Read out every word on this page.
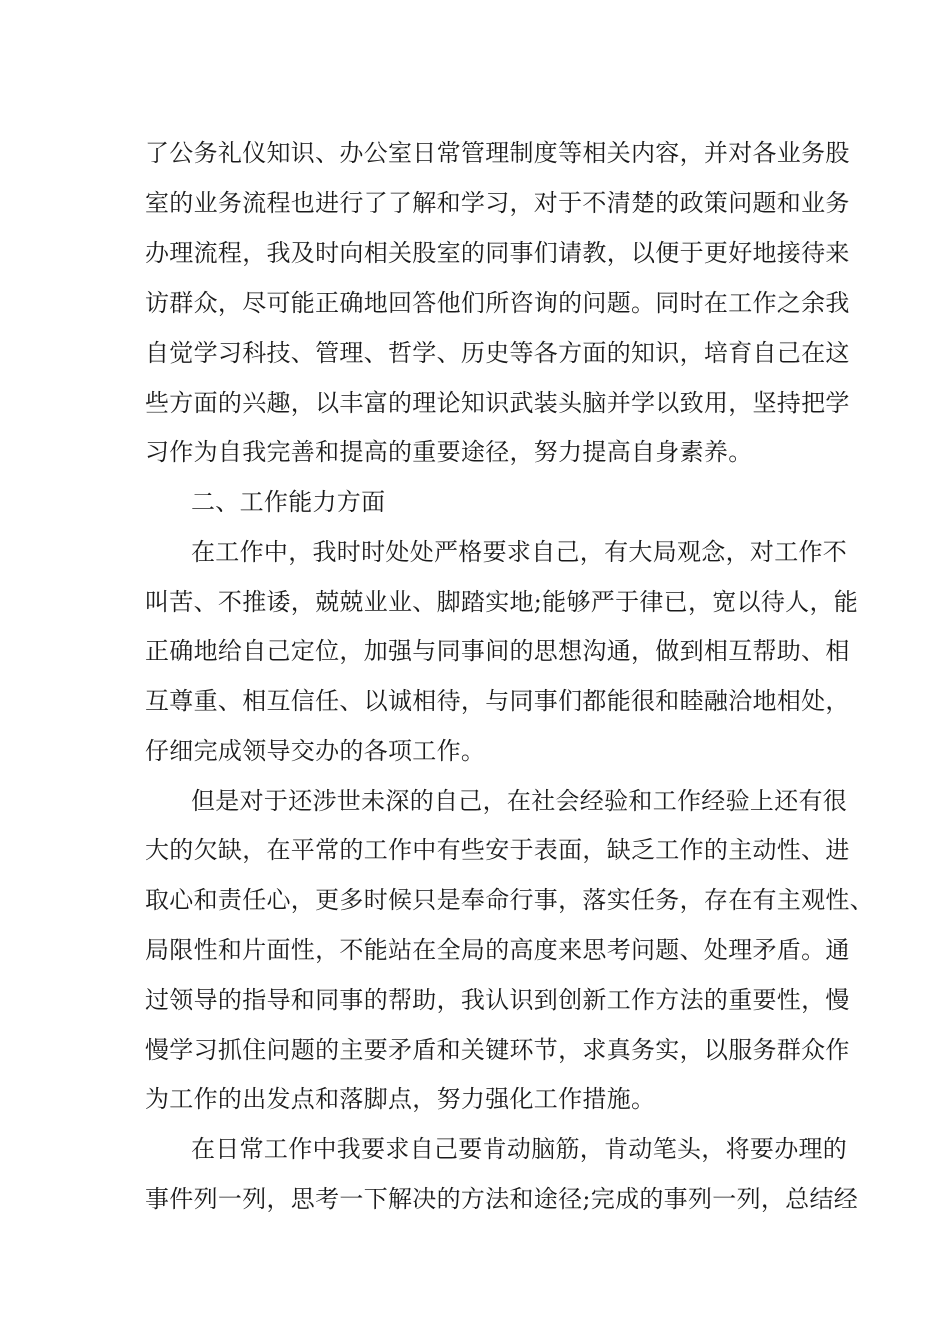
了公务礼仪知识、办公室日常管理制度等相关内容，并对各业务股
室的业务流程也进行了了解和学习，对于不清楚的政策问题和业务
办理流程，我及时向相关股室的同事们请教，以便于更好地接待来
访群众，尽可能正确地回答他们所咨询的问题。同时在工作之余我
自觉学习科技、管理、哲学、历史等各方面的知识，培育自己在这
些方面的兴趣，以丰富的理论知识武装头脑并学以致用，坚持把学
习作为自我完善和提高的重要途径，努力提高自身素养。
二、工作能力方面
在工作中，我时时处处严格要求自己，有大局观念，对工作不
叫苦、不推诿，兢兢业业、脚踏实地;能够严于律已，宽以待人，能
正确地给自己定位，加强与同事间的思想沟通，做到相互帮助、相
互尊重、相互信任、以诚相待，与同事们都能很和睦融洽地相处，
仔细完成领导交办的各项工作。
但是对于还涉世未深的自己，在社会经验和工作经验上还有很
大的欠缺，在平常的工作中有些安于表面，缺乏工作的主动性、进
取心和责任心，更多时候只是奉命行事，落实任务，存在有主观性、
局限性和片面性，不能站在全局的高度来思考问题、处理矛盾。通
过领导的指导和同事的帮助，我认识到创新工作方法的重要性，慢
慢学习抓住问题的主要矛盾和关键环节，求真务实，以服务群众作
为工作的出发点和落脚点，努力强化工作措施。
在日常工作中我要求自己要肯动脑筋，肯动笔头，将要办理的
事件列一列，思考一下解决的方法和途径;完成的事列一列，总结经
